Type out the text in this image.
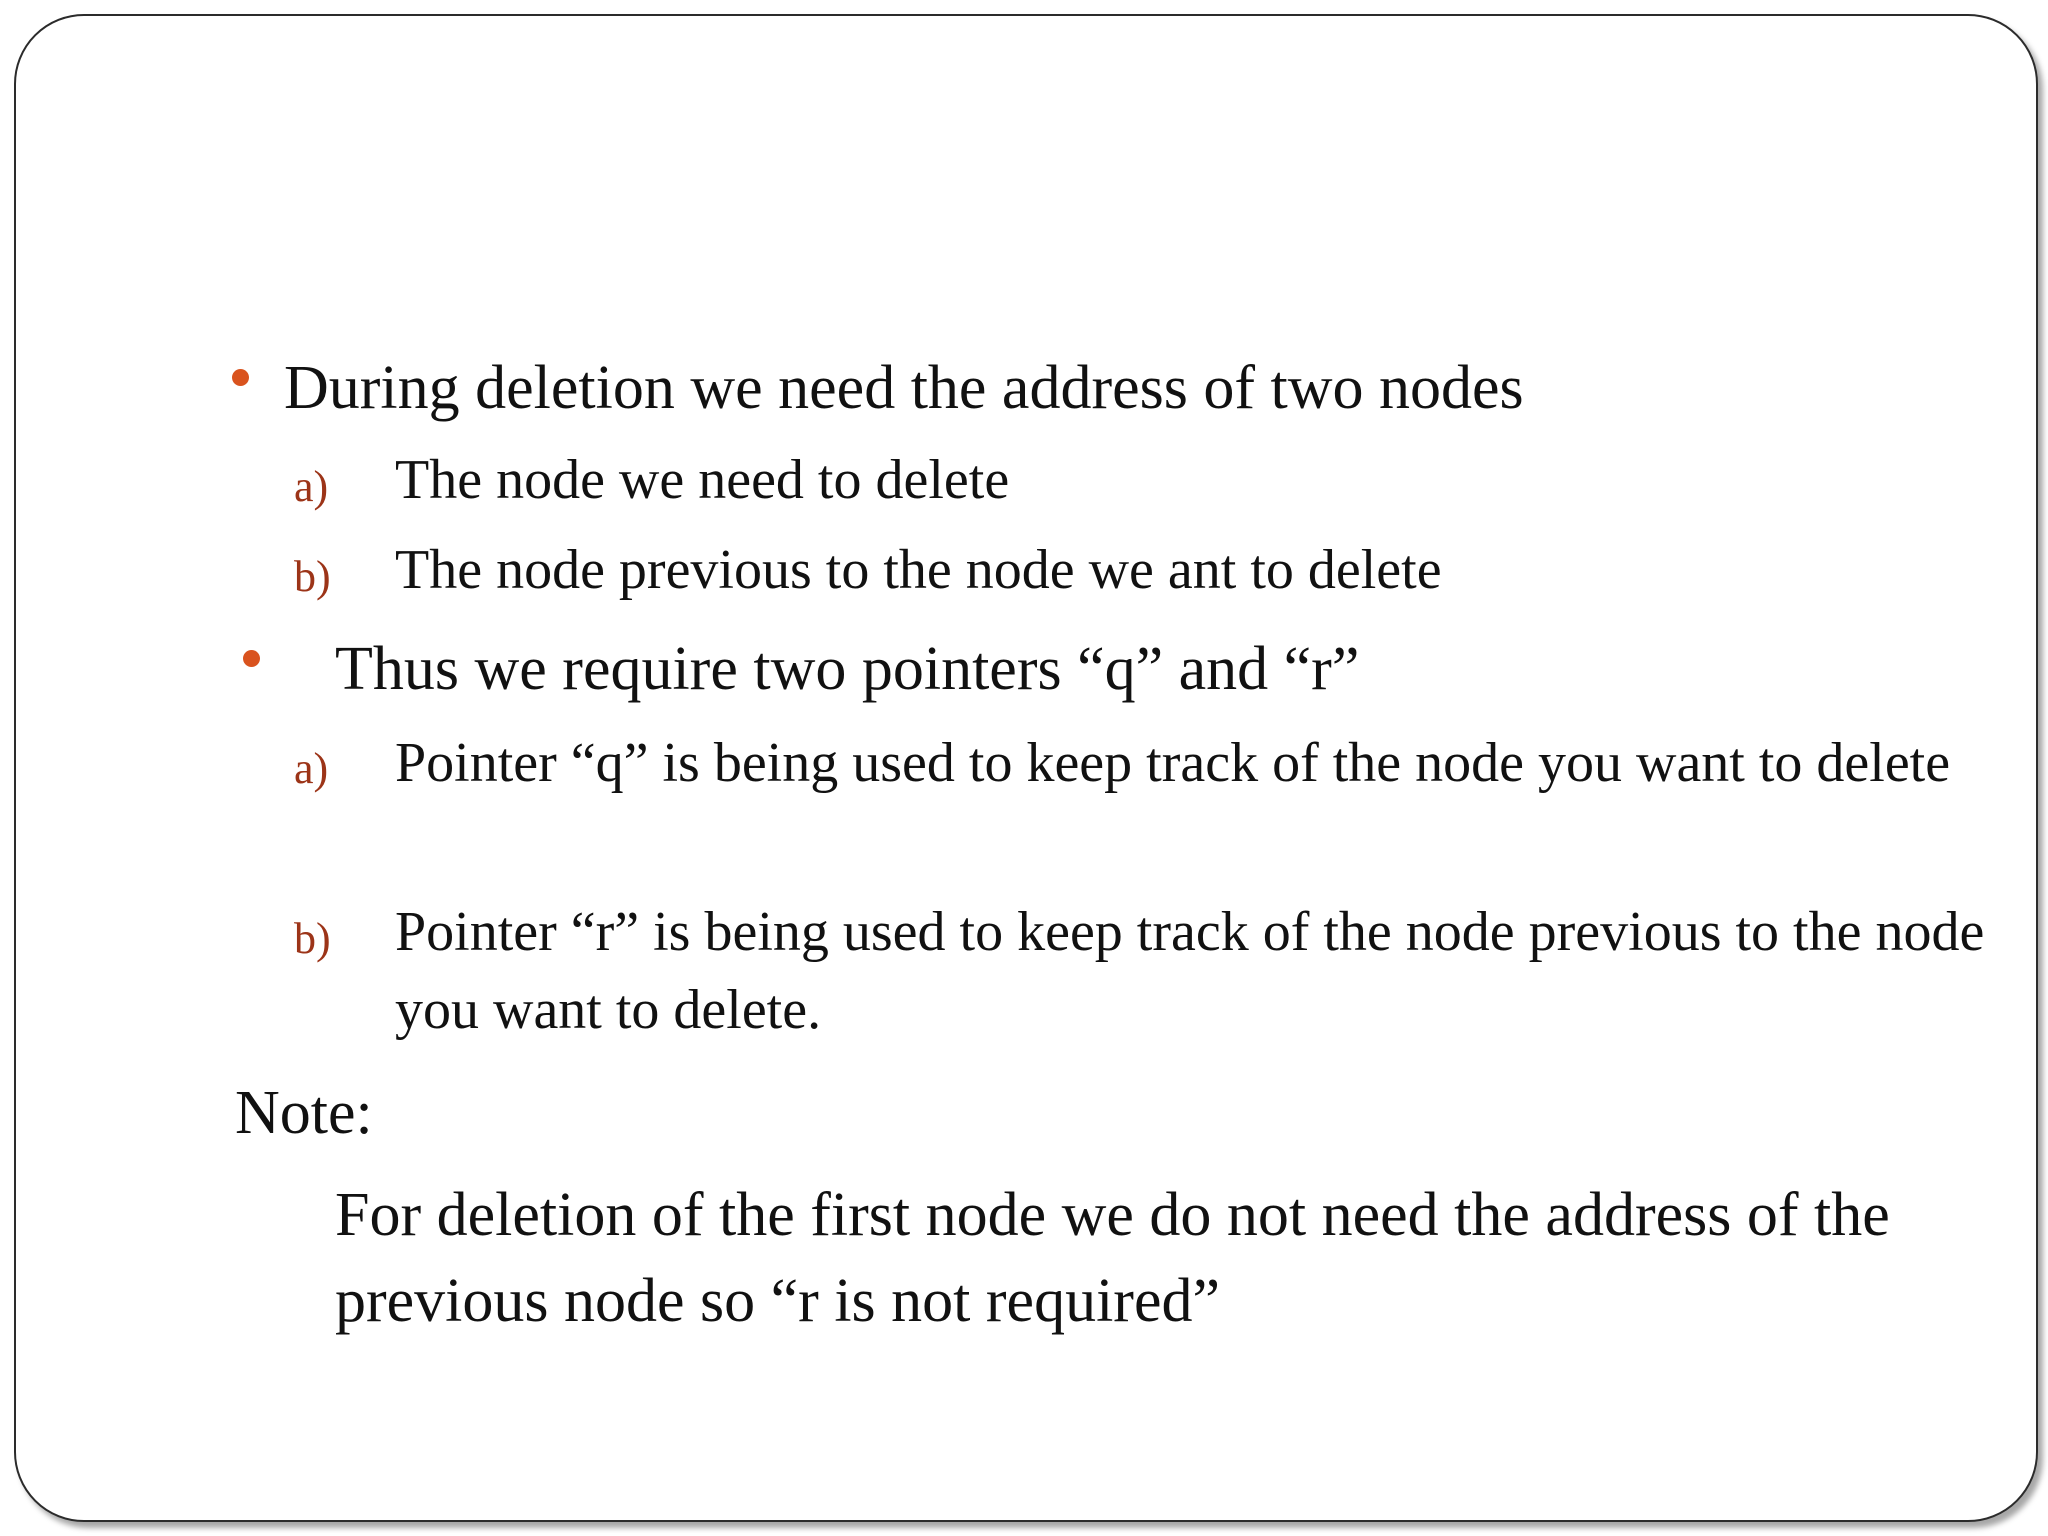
During deletion we need the address of two nodes
a) The node we need to delete
b) The node previous to the node we ant to delete
Thus we require two pointers “q” and “r”
a) Pointer “q” is being used to keep track of the node you want to delete
b) Pointer “r” is being used to keep track of the node previous to the node you want to delete.
Note:
For deletion of the first node we do not need the address of the previous node so “r is not required”
